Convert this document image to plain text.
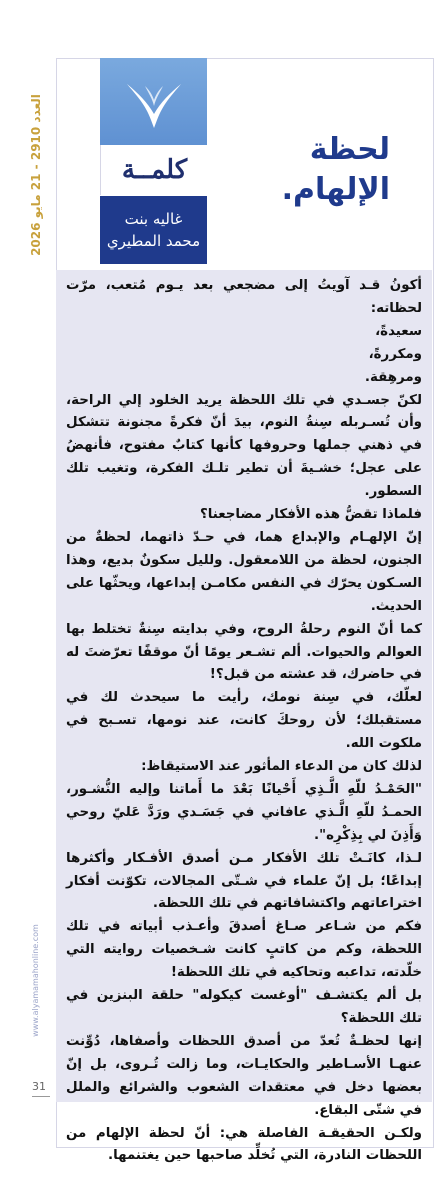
العدد 2910 - 21 مايو 2026
www.alyamamahonline.com
31
كلمــة
غاليه بنت
محمد المطيري
لحظة
الإلهام.

أكونُ قـد آويتُ إلى مضجعي بعد يـوم مُتعب، مرّت لحظاته:

سعيدةً،

ومكررةً،

ومرهِقة.

لكنّ جسـدي في تلك اللحظة يريد الخلود إلي الراحة، وأن تُسـربله سِنةُ النوم، بيدَ أنّ فكرةً مجنونة تتشكل في ذهني جملها وحروفها كأنها كتابٌ مفتوح، فأنهضُ على عجل؛ خشـيةَ أن تطير تلـك الفكرة، وتغيب تلك السطور.

فلماذا تقضُّ هذه الأفكار مضاجعنا؟

إنّ الإلهـام والإبداع هما، في حـدّ ذاتهما، لحظةٌ من الجنون، لحظة من اللامعقول. ولليل سكونٌ بديع، وهذا السـكون يحرّك في النفس مكامـن إبداعها، ويحثّها على الحديث.

كما أنّ النوم رحلةُ الروح، وفي بدايته سِنةٌ تختلط بها العوالم والحيوات. ألم تشـعر يومًا أنّ موقفًا تعرّضتَ له في حاضرك، قد عشته من قبل؟!

لعلّك، في سِنة نومك، رأيت ما سيحدث لك في مستقبلك؛ لأن روحكَ كانت، عند نومها، تسـبح في ملكوت الله.

لذلك كان من الدعاء المأثور عند الاستيقاظ:

"الحَمْـدُ للّهِ الَّـذِي أَحْيانًا بَعْدَ ما أَماتنا وإليه النُّشـور، الحمـدُ للّهِ الَّـذي عافاني في جَسَـدي ورَدَّ عَليّ روحي وَأَذِنَ لي بِذِكْرِه".

لـذا، كانَـتْ تلك الأفكار مـن أصدق الأفـكار وأكثرها إبداعًا؛ بل إنّ علماء في شـتّى المجالات، تكوّنت أفكار اختراعاتهم واكتشافاتهم في تلك اللحظة.

فكم من شـاعر صـاغ أصدقَ وأعـذب أبياته في تلك اللحظة، وكم من كاتبٍ كانت شـخصيات روايته التي خلّدته، تداعبه وتحاكيه في تلك اللحظة!

بل ألم يكتشـف "أوغست كيكوله" حلقة البنزين في تلك اللحظة؟

إنها لحظـةٌ تُعدّ من أصدق اللحظات وأصفاها، دُوِّنت عنهـا الأسـاطير والحكايـات، وما زالت تُـروى، بل إنّ بعضها دخل في معتقدات الشعوب والشرائع والملل في شتّى البقاع.

ولكـن الحقيقـة الفاصلة هي: أنّ لحظة الإلهام من اللحظات النادرة، التي تُخلِّد صاحبها حين يغتنمها.
